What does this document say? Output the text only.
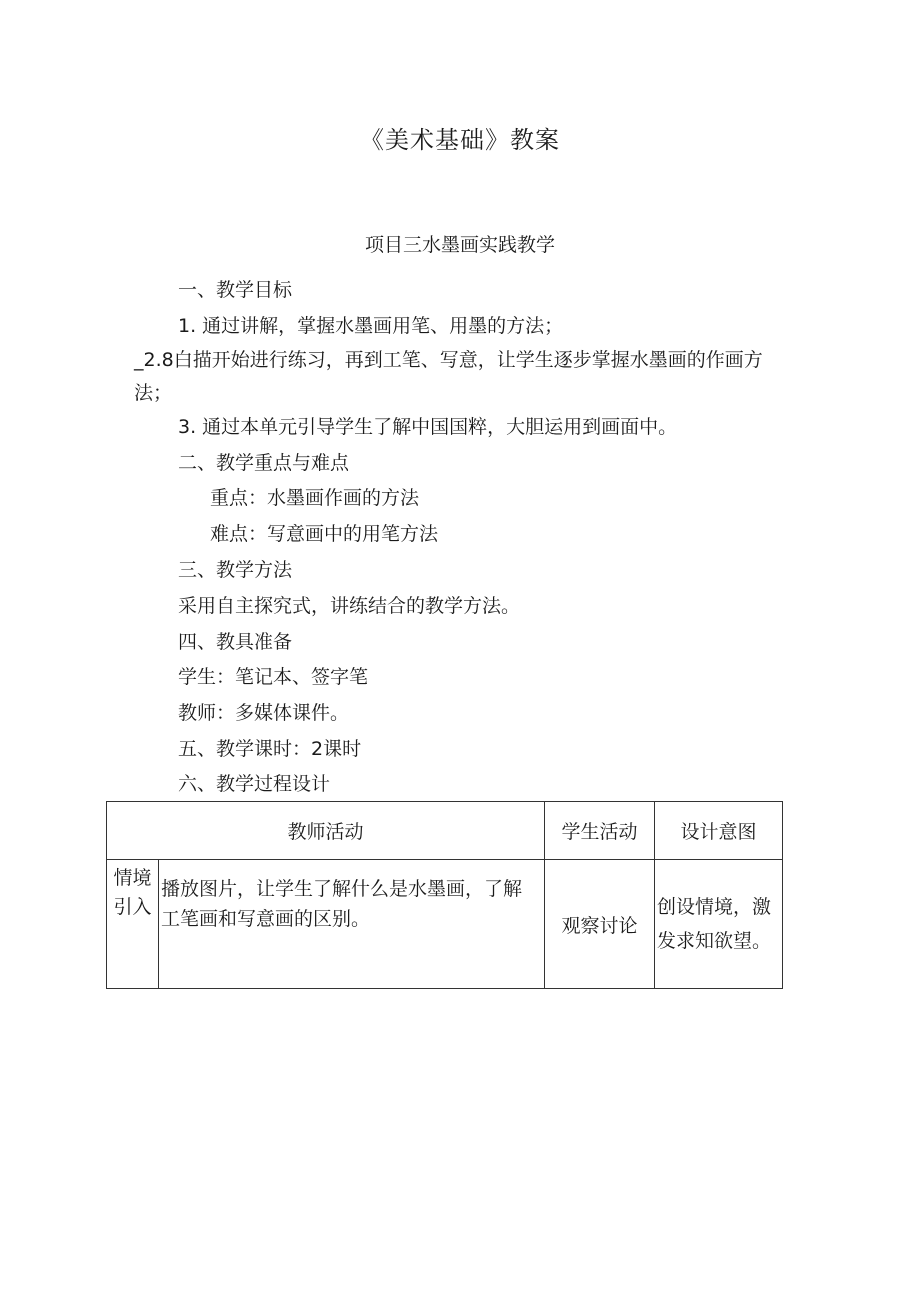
《美术基础》教案
项目三水墨画实践教学
一、教学目标
1. 通过讲解，掌握水墨画用笔、用墨的方法；
_2.8白描开始进行练习，再到工笔、写意，让学生逐步掌握水墨画的作画方法；
3. 通过本单元引导学生了解中国国粹，大胆运用到画面中。
二、教学重点与难点
重点：水墨画作画的方法
难点：写意画中的用笔方法
三、教学方法
采用自主探究式，讲练结合的教学方法。
四、教具准备
学生：笔记本、签字笔
教师：多媒体课件。
五、教学课时：2课时
六、教学过程设计
教师活动		学生活动	设计意图
情境引入	播放图片，让学生了解什么是水墨画，了解工笔画和写意画的区别。	观察讨论	创设情境，激发求知欲望。
